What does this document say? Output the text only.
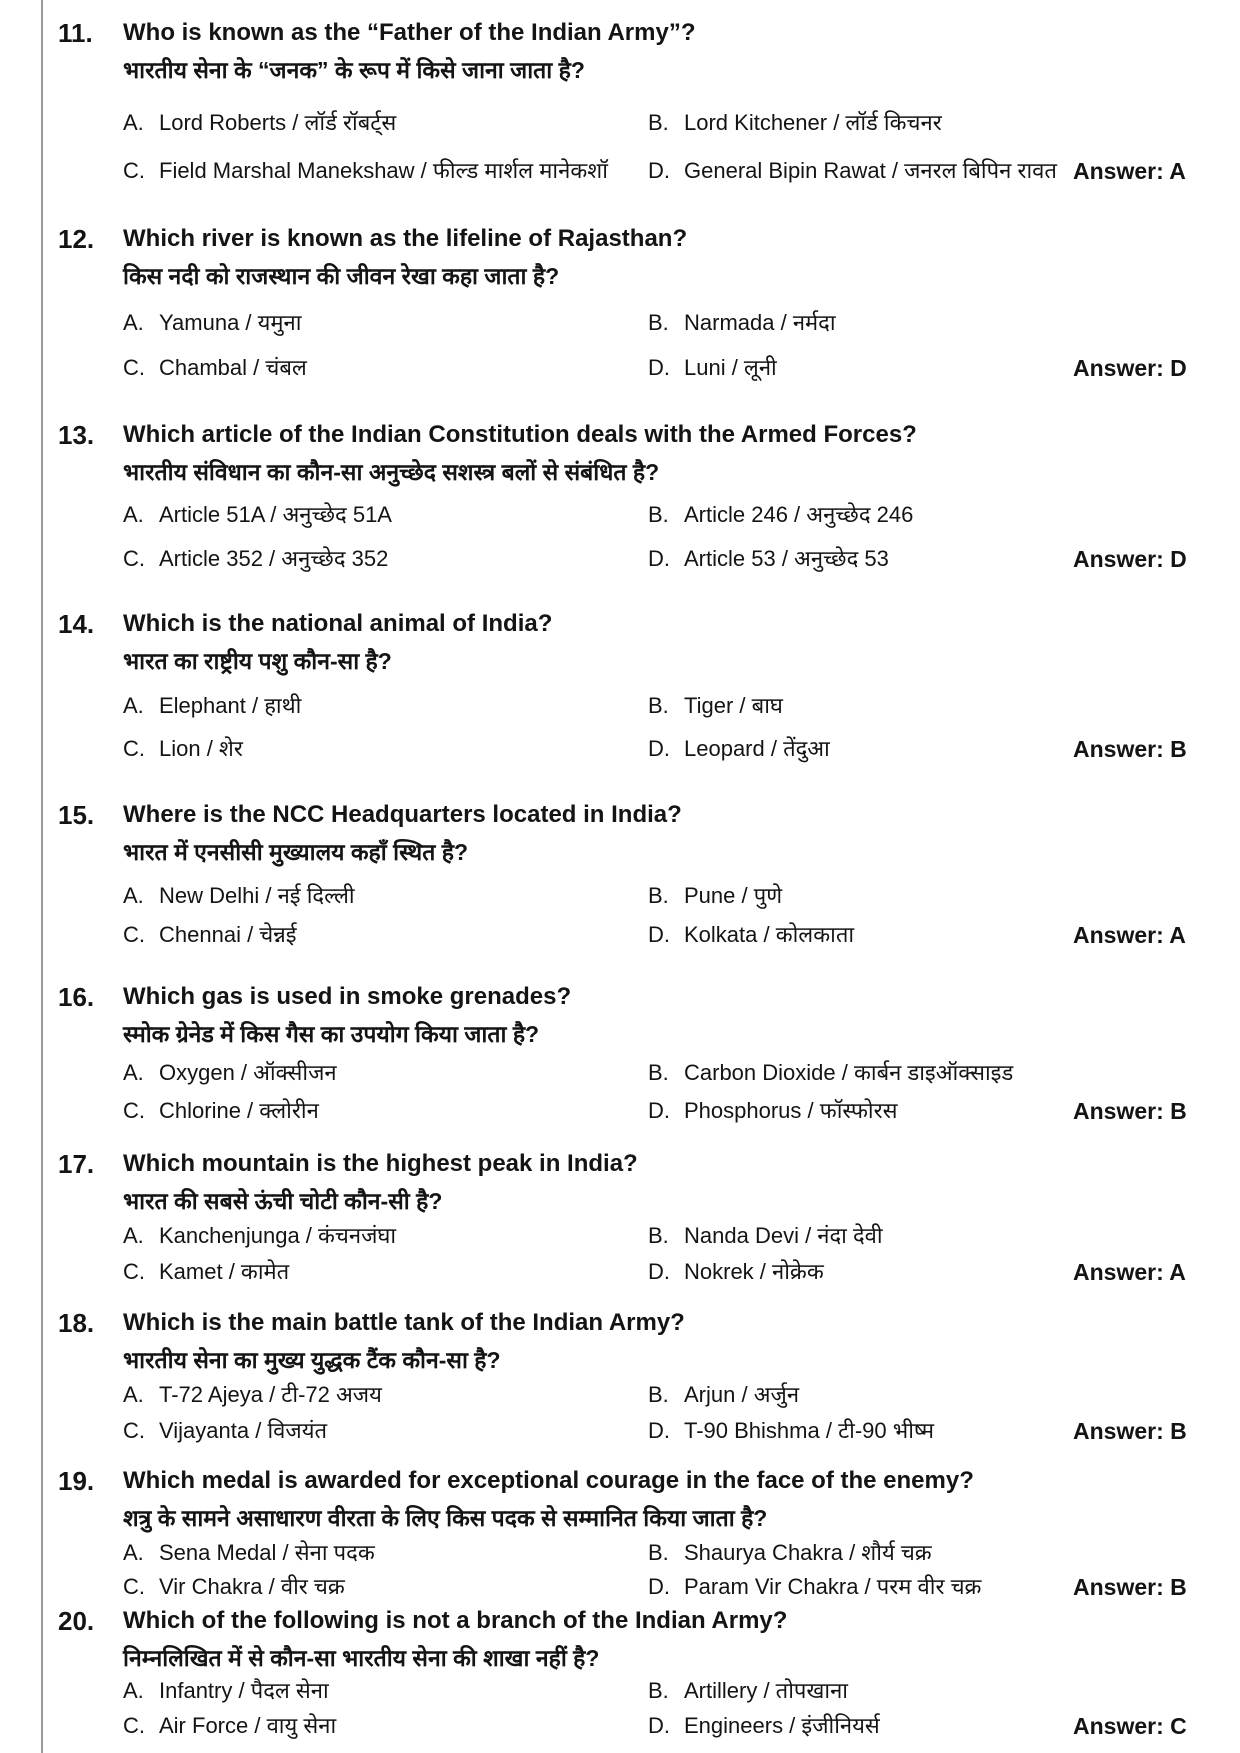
11. Who is known as the “Father of the Indian Army”?
भारतीय सेना के “जनक” के रूप में किसे जाना जाता है?
A. Lord Roberts / लॉर्ड रॉबर्ट्स	B. Lord Kitchener / लॉर्ड किचनर
C. Field Marshal Manekshaw / फील्ड मार्शल मानेकशॉ D. General Bipin Rawat / जनरल बिपिन रावत Answer: A
12. Which river is known as the lifeline of Rajasthan?
किस नदी को राजस्थान की जीवन रेखा कहा जाता है?
A. Yamuna / यमुना	B. Narmada / नर्मदा
C. Chambal / चंबल	D. Luni / लूनी	Answer: D
13. Which article of the Indian Constitution deals with the Armed Forces?
भारतीय संविधान का कौन-सा अनुच्छेद सशस्त्र बलों से संबंधित है?
A. Article 51A / अनुच्छेद 51A	B. Article 246 / अनुच्छेद 246
C. Article 352 / अनुच्छेद 352	D. Article 53 / अनुच्छेद 53	Answer: D
14. Which is the national animal of India?
भारत का राष्ट्रीय पशु कौन-सा है?
A. Elephant / हाथी	B. Tiger / बाघ
C. Lion / शेर	D. Leopard / तेंदुआ	Answer: B
15. Where is the NCC Headquarters located in India?
भारत में एनसीसी मुख्यालय कहाँ स्थित है?
A. New Delhi / नई दिल्ली	B. Pune / पुणे
C. Chennai / चेन्नई	D. Kolkata / कोलकाता	Answer: A
16. Which gas is used in smoke grenades?
स्मोक ग्रेनेड में किस गैस का उपयोग किया जाता है?
A. Oxygen / ऑक्सीजन	B. Carbon Dioxide / कार्बन डाइऑक्साइड
C. Chlorine / क्लोरीन	D. Phosphorus / फॉस्फोरस	Answer: B
17. Which mountain is the highest peak in India?
भारत की सबसे ऊंची चोटी कौन-सी है?
A. Kanchenjunga / कंचनजंघा	B. Nanda Devi / नंदा देवी
C. Kamet / कामेत	D. Nokrek / नोक्रेक	Answer: A
18. Which is the main battle tank of the Indian Army?
भारतीय सेना का मुख्य युद्धक टैंक कौन-सा है?
A. T-72 Ajeya / टी-72 अजय	B. Arjun / अर्जुन
C. Vijayanta / विजयंत	D. T-90 Bhishma / टी-90 भीष्म	Answer: B
19. Which medal is awarded for exceptional courage in the face of the enemy?
शत्रु के सामने असाधारण वीरता के लिए किस पदक से सम्मानित किया जाता है?
A. Sena Medal / सेना पदक	B. Shaurya Chakra / शौर्य चक्र
C. Vir Chakra / वीर चक्र	D. Param Vir Chakra / परम वीर चक्र	Answer: B
20. Which of the following is not a branch of the Indian Army?
निम्नलिखित में से कौन-सा भारतीय सेना की शाखा नहीं है?
A. Infantry / पैदल सेना	B. Artillery / तोपखाना
C. Air Force / वायु सेना	D. Engineers / इंजीनियर्स	Answer: C
